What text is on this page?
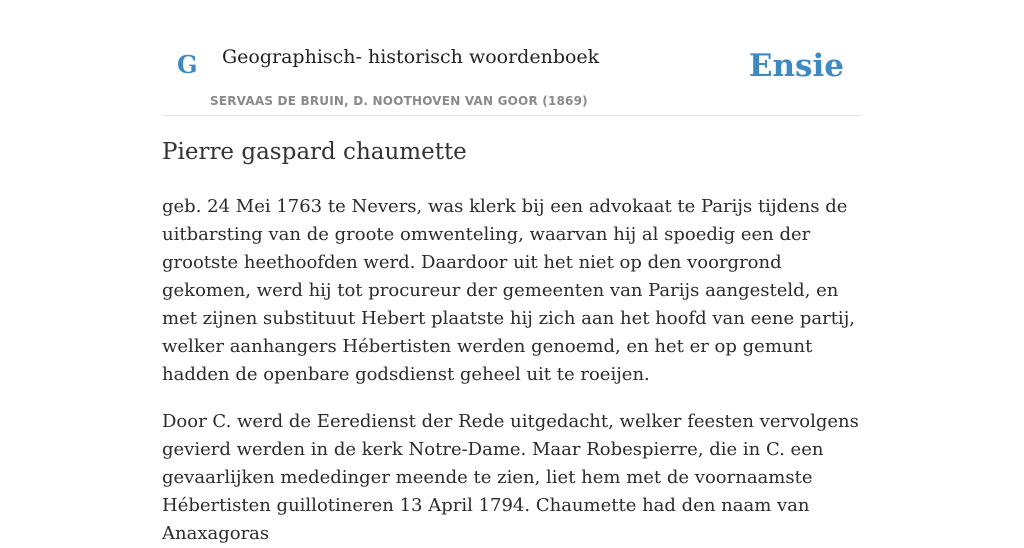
G Geographisch- historisch woordenboek
SERVAAS DE BRUIN, D. NOOTHOVEN VAN GOOR (1869)
Ensie
Pierre gaspard chaumette

geb. 24 Mei 1763 te Nevers, was klerk bij een advokaat te Parijs tijdens de uitbarsting van de groote omwenteling, waarvan hij al spoedig een der grootste heethoofden werd. Daardoor uit het niet op den voorgrond gekomen, werd hij tot procureur der gemeenten van Parijs aangesteld, en met zijnen substituut Hebert plaatste hij zich aan het hoofd van eene partij, welker aanhangers Hébertisten werden genoemd, en het er op gemunt hadden de openbare godsdienst geheel uit te roeijen.

Door C. werd de Eeredienst der Rede uitgedacht, welker feesten vervolgens gevierd werden in de kerk Notre-Dame. Maar Robespierre, die in C. een gevaarlijken mededinger meende te zien, liet hem met de voornaamste Hébertisten guillotineren 13 April 1794. Chaumette had den naam van Anaxagoras
